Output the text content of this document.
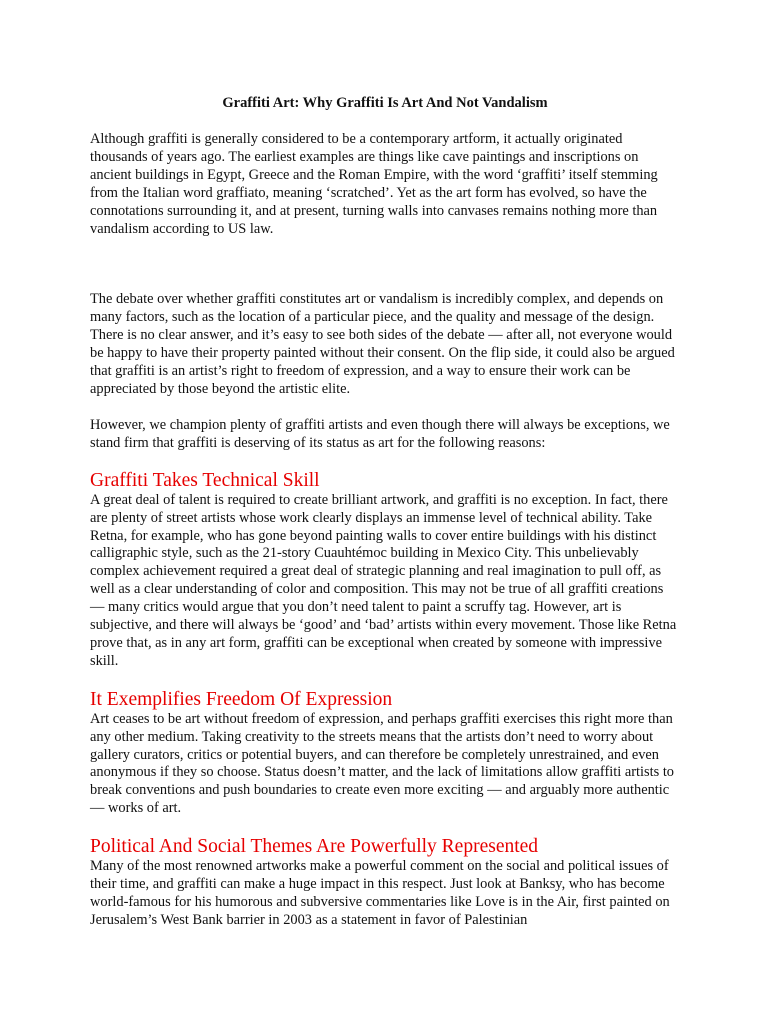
Graffiti Art: Why Graffiti Is Art And Not Vandalism

Although graffiti is generally considered to be a contemporary artform, it actually originated thousands of years ago. The earliest examples are things like cave paintings and inscriptions on ancient buildings in Egypt, Greece and the Roman Empire, with the word ‘graffiti’ itself stemming from the Italian word graffiato, meaning ‘scratched’. Yet as the art form has evolved, so have the connotations surrounding it, and at present, turning walls into canvases remains nothing more than vandalism according to US law.

The debate over whether graffiti constitutes art or vandalism is incredibly complex, and depends on many factors, such as the location of a particular piece, and the quality and message of the design. There is no clear answer, and it’s easy to see both sides of the debate — after all, not everyone would be happy to have their property painted without their consent. On the flip side, it could also be argued that graffiti is an artist’s right to freedom of expression, and a way to ensure their work can be appreciated by those beyond the artistic elite.

However, we champion plenty of graffiti artists and even though there will always be exceptions, we stand firm that graffiti is deserving of its status as art for the following reasons:

Graffiti Takes Technical Skill

A great deal of talent is required to create brilliant artwork, and graffiti is no exception. In fact, there are plenty of street artists whose work clearly displays an immense level of technical ability. Take Retna, for example, who has gone beyond painting walls to cover entire buildings with his distinct calligraphic style, such as the 21-story Cuauhtémoc building in Mexico City. This unbelievably complex achievement required a great deal of strategic planning and real imagination to pull off, as well as a clear understanding of color and composition. This may not be true of all graffiti creations — many critics would argue that you don’t need talent to paint a scruffy tag. However, art is subjective, and there will always be ‘good’ and ‘bad’ artists within every movement. Those like Retna prove that, as in any art form, graffiti can be exceptional when created by someone with impressive skill.

It Exemplifies Freedom Of Expression

Art ceases to be art without freedom of expression, and perhaps graffiti exercises this right more than any other medium. Taking creativity to the streets means that the artists don’t need to worry about gallery curators, critics or potential buyers, and can therefore be completely unrestrained, and even anonymous if they so choose. Status doesn’t matter, and the lack of limitations allow graffiti artists to break conventions and push boundaries to create even more exciting — and arguably more authentic — works of art.

Political And Social Themes Are Powerfully Represented

Many of the most renowned artworks make a powerful comment on the social and political issues of their time, and graffiti can make a huge impact in this respect. Just look at Banksy, who has become world-famous for his humorous and subversive commentaries like Love is in the Air, first painted on Jerusalem’s West Bank barrier in 2003 as a statement in favor of Palestinian
